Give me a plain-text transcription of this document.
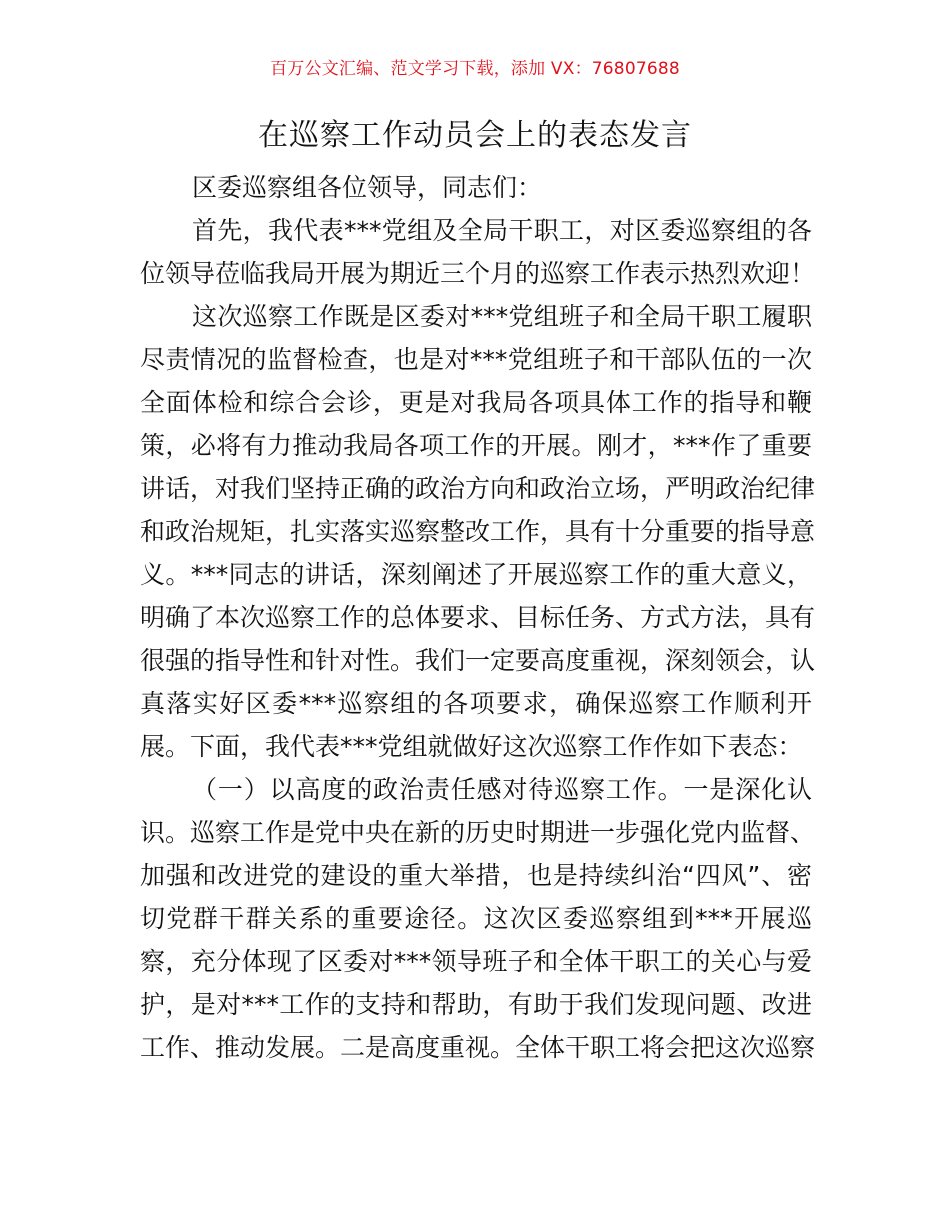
百万公文汇编、范文学习下载，添加 VX：76807688
在巡察工作动员会上的表态发言
区委巡察组各位领导，同志们：
首先，我代表***党组及全局干职工，对区委巡察组的各
位领导莅临我局开展为期近三个月的巡察工作表示热烈欢迎！
这次巡察工作既是区委对***党组班子和全局干职工履职
尽责情况的监督检查，也是对***党组班子和干部队伍的一次
全面体检和综合会诊，更是对我局各项具体工作的指导和鞭
策，必将有力推动我局各项工作的开展。刚才，***作了重要
讲话，对我们坚持正确的政治方向和政治立场，严明政治纪律
和政治规矩，扎实落实巡察整改工作，具有十分重要的指导意
义。***同志的讲话，深刻阐述了开展巡察工作的重大意义，
明确了本次巡察工作的总体要求、目标任务、方式方法，具有
很强的指导性和针对性。我们一定要高度重视，深刻领会，认
真落实好区委***巡察组的各项要求，确保巡察工作顺利开
展。下面，我代表***党组就做好这次巡察工作作如下表态：
（一）以高度的政治责任感对待巡察工作。一是深化认
识。巡察工作是党中央在新的历史时期进一步强化党内监督、
加强和改进党的建设的重大举措，也是持续纠治“四风”、密
切党群干群关系的重要途径。这次区委巡察组到***开展巡
察，充分体现了区委对***领导班子和全体干职工的关心与爱
护，是对***工作的支持和帮助，有助于我们发现问题、改进
工作、推动发展。二是高度重视。全体干职工将会把这次巡察
